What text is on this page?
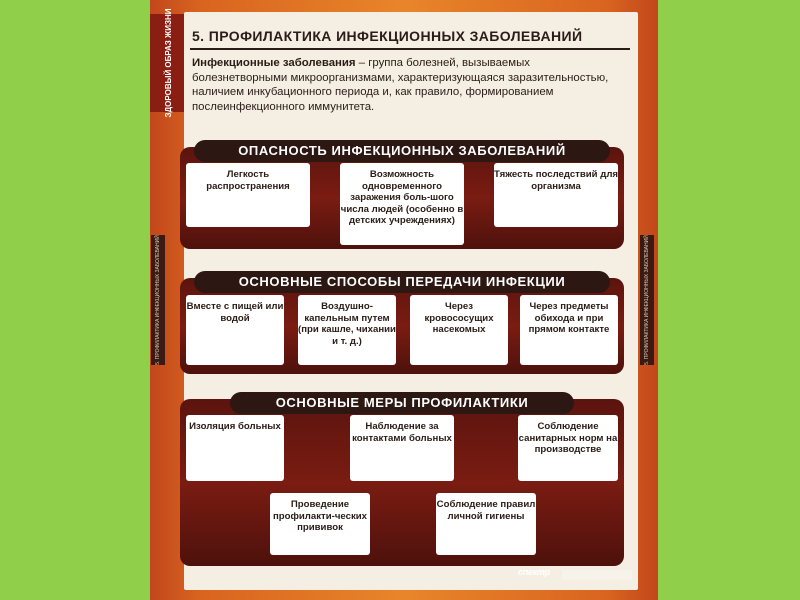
ЗДОРОВЫЙ ОБРАЗ ЖИЗНИ
5. ПРОФИЛАКТИКА ИНФЕКЦИОННЫХ ЗАБОЛЕВАНИЙ	5. ПРОФИЛАКТИКА ИНФЕКЦИОННЫХ ЗАБОЛЕВАНИЙ
5. ПРОФИЛАКТИКА ИНФЕКЦИОННЫХ ЗАБОЛЕВАНИЙ
Инфекционные заболевания – группа болезней, вызываемых болезнетворными микроорганизмами, характеризующаяся заразительностью, наличием инкубационного периода и, как правило, формированием послеинфекционного иммунитета.
ОПАСНОСТЬ ИНФЕКЦИОННЫХ ЗАБОЛЕВАНИЙ
Легкость распространения
Возможность одновременного заражения боль-шого числа людей (особенно в детских учреждениях)
Тяжесть последствий для организма
ОСНОВНЫЕ СПОСОБЫ ПЕРЕДАЧИ ИНФЕКЦИИ
Вместе с пищей или водой
Воздушно-капельным путем (при кашле, чихании и т. д.)
Через кровососущих насекомых
Через предметы обихода и при прямом контакте
ОСНОВНЫЕ МЕРЫ ПРОФИЛАКТИКИ
Изоляция больных	Наблюдение за контактами больных
Соблюдение санитарных норм на производстве
Проведение профилакти-ческих прививок
Соблюдение правил личной гигиены
спектр
